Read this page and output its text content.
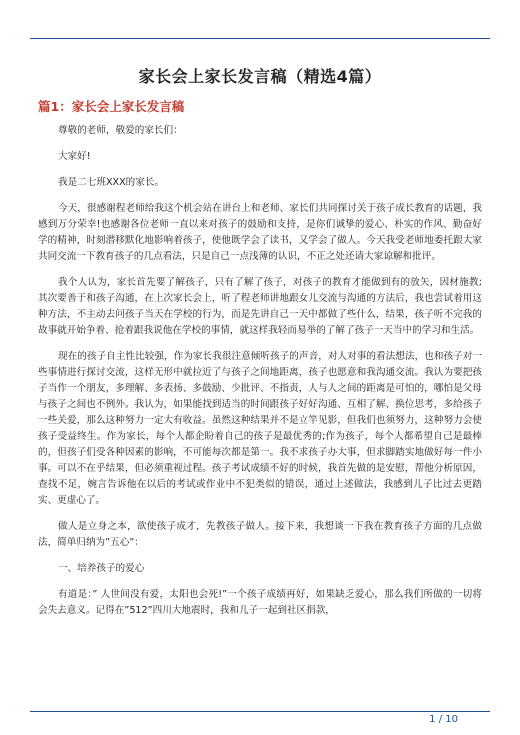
家长会上家长发言稿（精选4篇）
篇1：家长会上家长发言稿

尊敬的老师，敬爱的家长们：

大家好!

我是二七班XXX的家长。

今天，很感谢程老师给我这个机会站在讲台上和老师、家长们共同探讨关于孩子成长教育的话题，我感到万分荣幸!也感谢各位老师一直以来对孩子的鼓励和支持，是你们诚挚的爱心、朴实的作风、勤奋好学的精神，时刻潜移默化地影响着孩子，使他既学会了读书，又学会了做人。今天我受老师地委托跟大家共同交流一下教育孩子的几点看法，只是自己一点浅薄的认识，不正之处还请大家谅解和批评。

我个人认为，家长首先要了解孩子，只有了解了孩子，对孩子的教育才能做到有的放矢，因材施教;其次要善于和孩子沟通，在上次家长会上，听了程老师讲地跟女儿交流与沟通的方法后，我也尝试着用这种方法，不主动去问孩子当天在学校的行为，而是先讲自己一天中都做了些什么，结果，孩子听不完我的故事就开始争着、抢着跟我说他在学校的事情，就这样我轻而易举的了解了孩子一天当中的学习和生活。

现在的孩子自主性比较强，作为家长我很注意倾听孩子的声音，对人对事的看法想法，也和孩子对一些事情进行探讨交流，这样无形中就拉近了与孩子之间地距离，孩子也愿意和我沟通交流。我认为要把孩子当作一个朋友，多理解、多表扬、多鼓励、少批评、不指责，人与人之间的距离是可怕的，哪怕是父母与孩子之间也不例外。我认为，如果能找到适当的时间跟孩子好好沟通、互相了解、换位思考，多给孩子一些关爱，那么这种努力一定大有收益。虽然这种结果并不是立竿见影，但我们也须努力，这种努力会使孩子受益终生。作为家长，每个人都企盼着自己的孩子是最优秀的;作为孩子，每个人都希望自己是最棒的，但孩子们受各种因素的影响，不可能每次都是第一。我不求孩子办大事，但求脚踏实地做好每一件小事。可以不在乎结果，但必须重视过程。孩子考试成绩不好的时候，我首先做的是安慰，帮他分析原因，查找不足，婉言告诉他在以后的考试或作业中不犯类似的错误，通过上述做法，我感到儿子比过去更踏实、更虚心了。

做人是立身之本，欲使孩子成才，先教孩子做人。接下来，我想谈一下我在教育孩子方面的几点做法，简单归纳为”五心”：

一、培养孩子的爱心

有道是：” 人世间没有爱，太阳也会死!”一个孩子成绩再好，如果缺乏爱心，那么我们所做的一切将会失去意义。记得在”512”四川大地震时，我和儿子一起到社区捐款，

1 / 10
